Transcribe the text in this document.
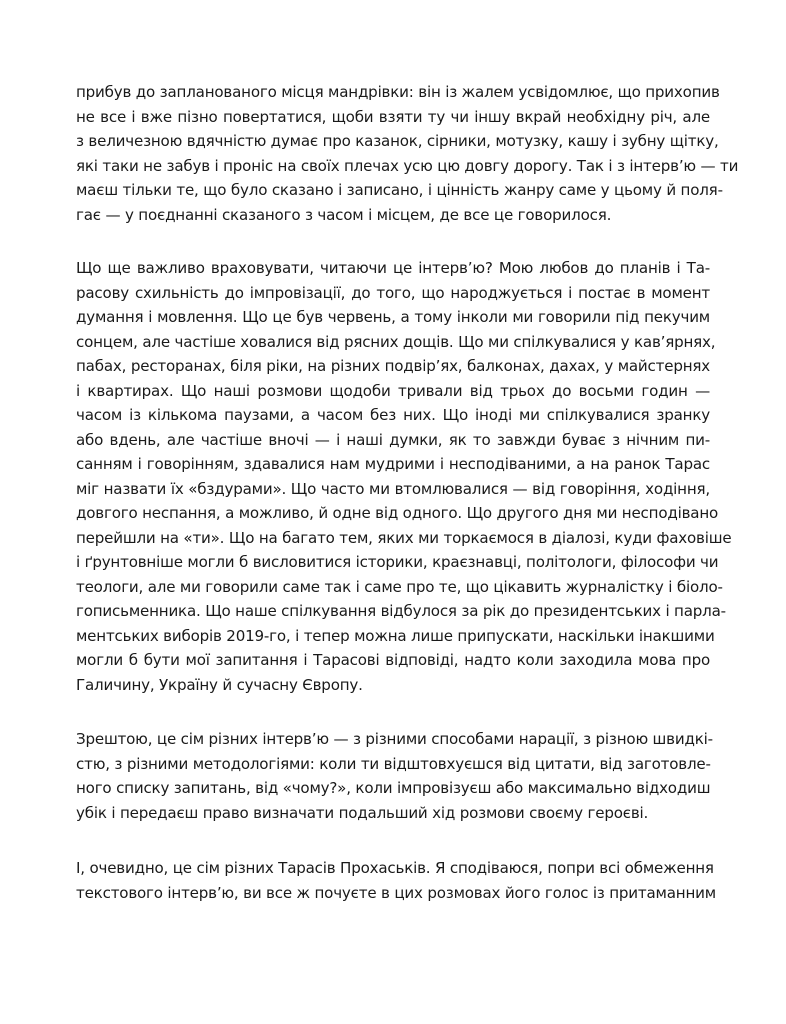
прибув до запланованого місця мандрівки: він із жалем усвідомлює, що прихопив
не все і вже пізно повертатися, щоби взяти ту чи іншу вкрай необхідну річ, але
з величезною вдячністю думає про казанок, сірники, мотузку, кашу і зубну щітку,
які таки не забув і проніс на своїх плечах усю цю довгу дорогу. Так і з інтерв’ю — ти
маєш тільки те, що було сказано і записано, і цінність жанру саме у цьому й поля-
гає — у поєднанні сказаного з часом і місцем, де все це говорилося.
Що ще важливо враховувати, читаючи це інтерв’ю? Мою любов до планів і Та-
расову схильність до імпровізації, до того, що народжується і постає в момент
думання і мовлення. Що це був червень, а тому інколи ми говорили під пекучим
сонцем, але частіше ховалися від рясних дощів. Що ми спілкувалися у кав’ярнях,
пабах, ресторанах, біля ріки, на різних подвір’ях, балконах, дахах, у майстернях
і квартирах. Що наші розмови щодоби тривали від трьох до восьми годин —
часом із кількома паузами, а часом без них. Що іноді ми спілкувалися зранку
або вдень, але частіше вночі — і наші думки, як то завжди буває з нічним пи-
санням і говорінням, здавалися нам мудрими і несподіваними, а на ранок Тарас
міг назвати їх «бздурами». Що часто ми втомлювалися — від говоріння, ходіння,
довгого неспання, а можливо, й одне від одного. Що другого дня ми несподівано
перейшли на «ти». Що на багато тем, яких ми торкаємося в діалозі, куди фаховіше
і ґрунтовніше могли б висловитися історики, краєзнавці, політологи, філософи чи
теологи, але ми говорили саме так і саме про те, що цікавить журналістку і біоло-
гописьменника. Що наше спілкування відбулося за рік до президентських і парла-
ментських виборів 2019-го, і тепер можна лише припускати, наскільки інакшими
могли б бути мої запитання і Тарасові відповіді, надто коли заходила мова про
Галичину, Україну й сучасну Європу.
Зрештою, це сім різних інтерв’ю — з різними способами нарації, з різною швидкі-
стю, з різними методологіями: коли ти відштовхуєшся від цитати, від заготовле-
ного списку запитань, від «чому?», коли імпровізуєш або максимально відходиш
убік і передаєш право визначати подальший хід розмови своєму героєві.
І, очевидно, це сім різних Тарасів Прохаськів. Я сподіваюся, попри всі обмеження
текстового інтерв’ю, ви все ж почуєте в цих розмовах його голос із притаманним
